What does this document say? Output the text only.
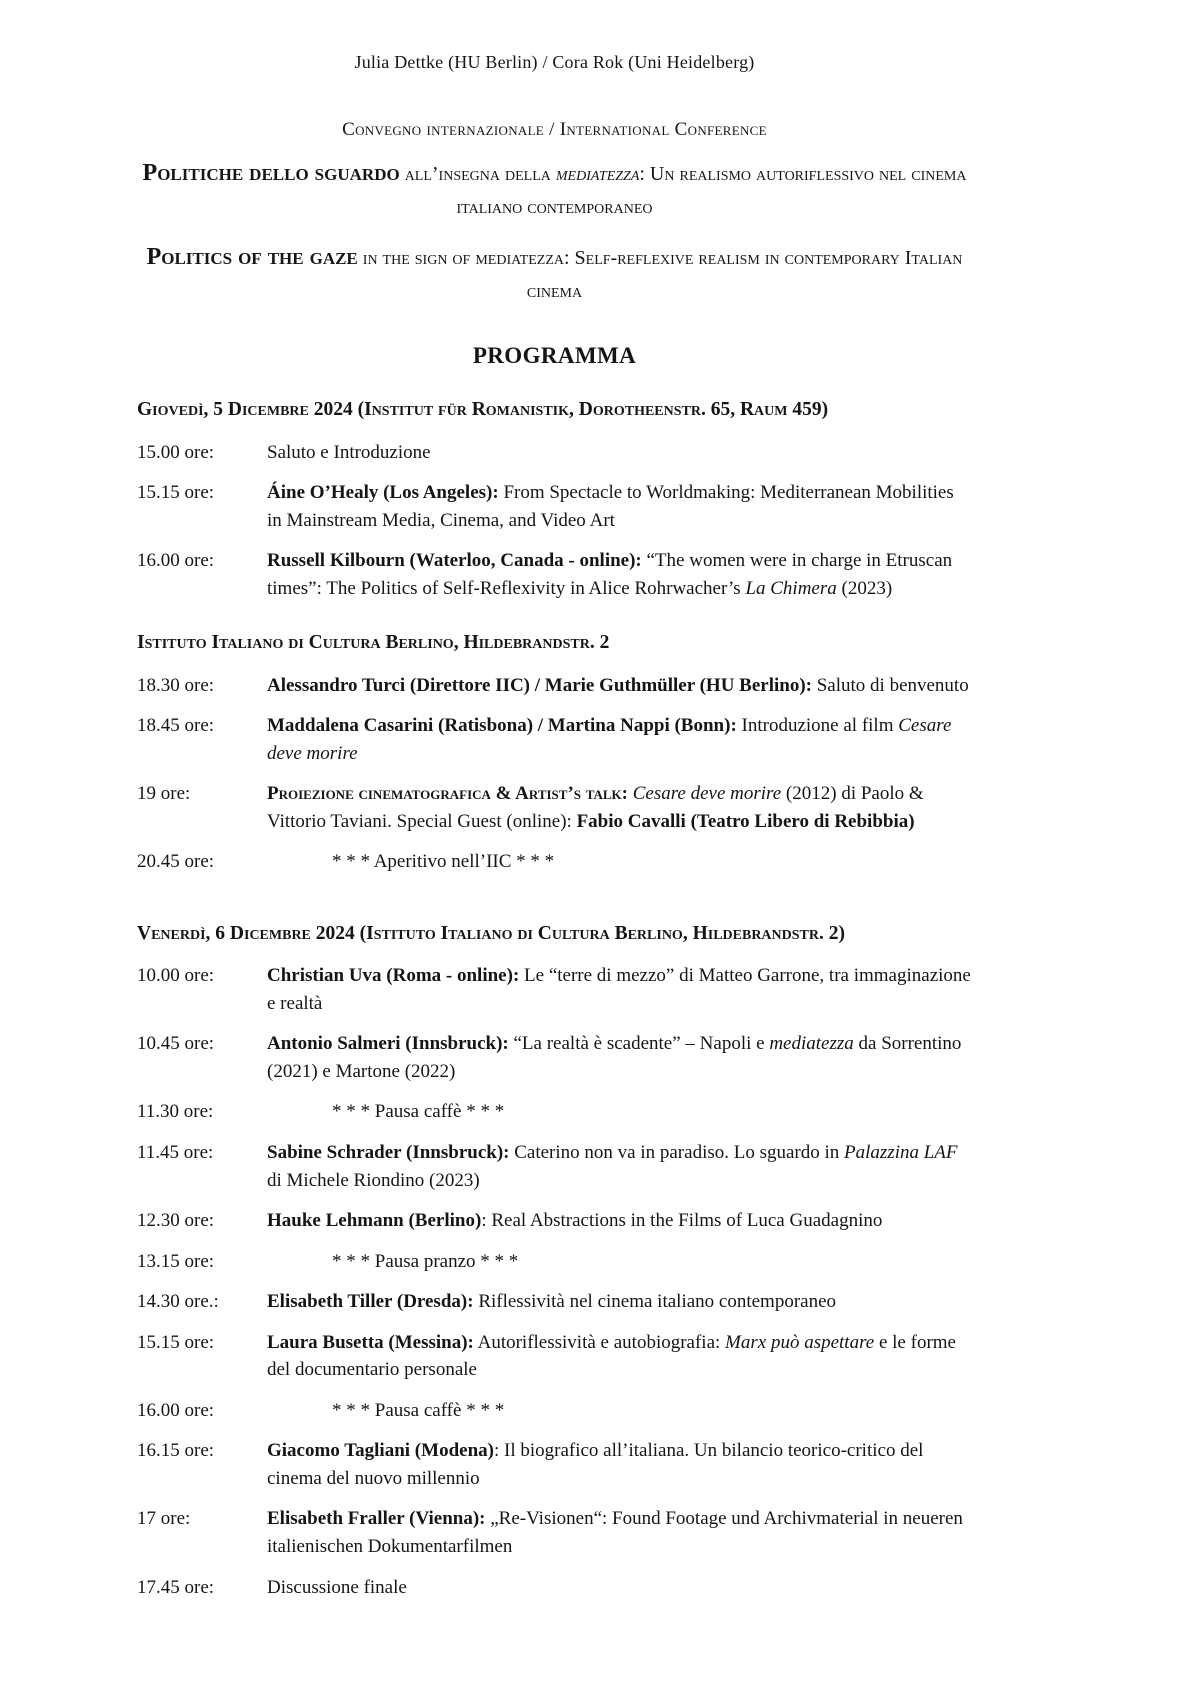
Julia Dettke (HU Berlin) / Cora Rok (Uni Heidelberg)
Convegno internazionale / International Conference
Politiche dello sguardo all’insegna della mediatezza: Un realismo autoriflessivo nel cinema italiano contemporaneo
Politics of the gaze in the sign of mediatezza: Self-reflexive realism in contemporary Italian cinema
PROGRAMMA
Giovedì, 5 Dicembre 2024 (Institut für Romanistik, Dorotheenstr. 65, Raum 459)
15.00 ore:	Saluto e Introduzione
15.15 ore:	Áine O’Healy (Los Angeles): From Spectacle to Worldmaking: Mediterranean Mobilities in Mainstream Media, Cinema, and Video Art
16.00 ore:	Russell Kilbourn (Waterloo, Canada - online): “The women were in charge in Etruscan times”: The Politics of Self-Reflexivity in Alice Rohrwacher’s La Chimera (2023)
Istituto Italiano di Cultura Berlino, Hildebrandstr. 2
18.30 ore:	Alessandro Turci (Direttore IIC) / Marie Guthmüller (HU Berlino): Saluto di benvenuto
18.45 ore:	Maddalena Casarini (Ratisbona) / Martina Nappi (Bonn): Introduzione al film Cesare deve morire
19 ore:	Proiezione cinematografica & Artist’s talk: Cesare deve morire (2012) di Paolo & Vittorio Taviani. Special Guest (online): Fabio Cavalli (Teatro Libero di Rebibbia)
20.45 ore:	* * * Aperitivo nell’IIC * * *
Venerdì, 6 Dicembre 2024 (Istituto Italiano di Cultura Berlino, Hildebrandstr. 2)
10.00 ore:	Christian Uva (Roma - online): Le “terre di mezzo” di Matteo Garrone, tra immaginazione e realtà
10.45 ore:	Antonio Salmeri (Innsbruck): “La realtà è scadente” – Napoli e mediatezza da Sorrentino (2021) e Martone (2022)
11.30 ore:	* * * Pausa caffè * * *
11.45 ore:	Sabine Schrader (Innsbruck): Caterino non va in paradiso. Lo sguardo in Palazzina LAF di Michele Riondino (2023)
12.30 ore:	Hauke Lehmann (Berlino): Real Abstractions in the Films of Luca Guadagnino
13.15 ore:	* * * Pausa pranzo * * *
14.30 ore.:	Elisabeth Tiller (Dresda): Riflessività nel cinema italiano contemporaneo
15.15 ore:	Laura Busetta (Messina): Autoriflessività e autobiografia: Marx può aspettare e le forme del documentario personale
16.00 ore:	* * * Pausa caffè * * *
16.15 ore:	Giacomo Tagliani (Modena): Il biografico all’italiana. Un bilancio teorico-critico del cinema del nuovo millennio
17 ore:	Elisabeth Fraller (Vienna): „Re-Visionen“: Found Footage und Archivmaterial in neueren italienischen Dokumentarfilmen
17.45 ore:	Discussione finale
